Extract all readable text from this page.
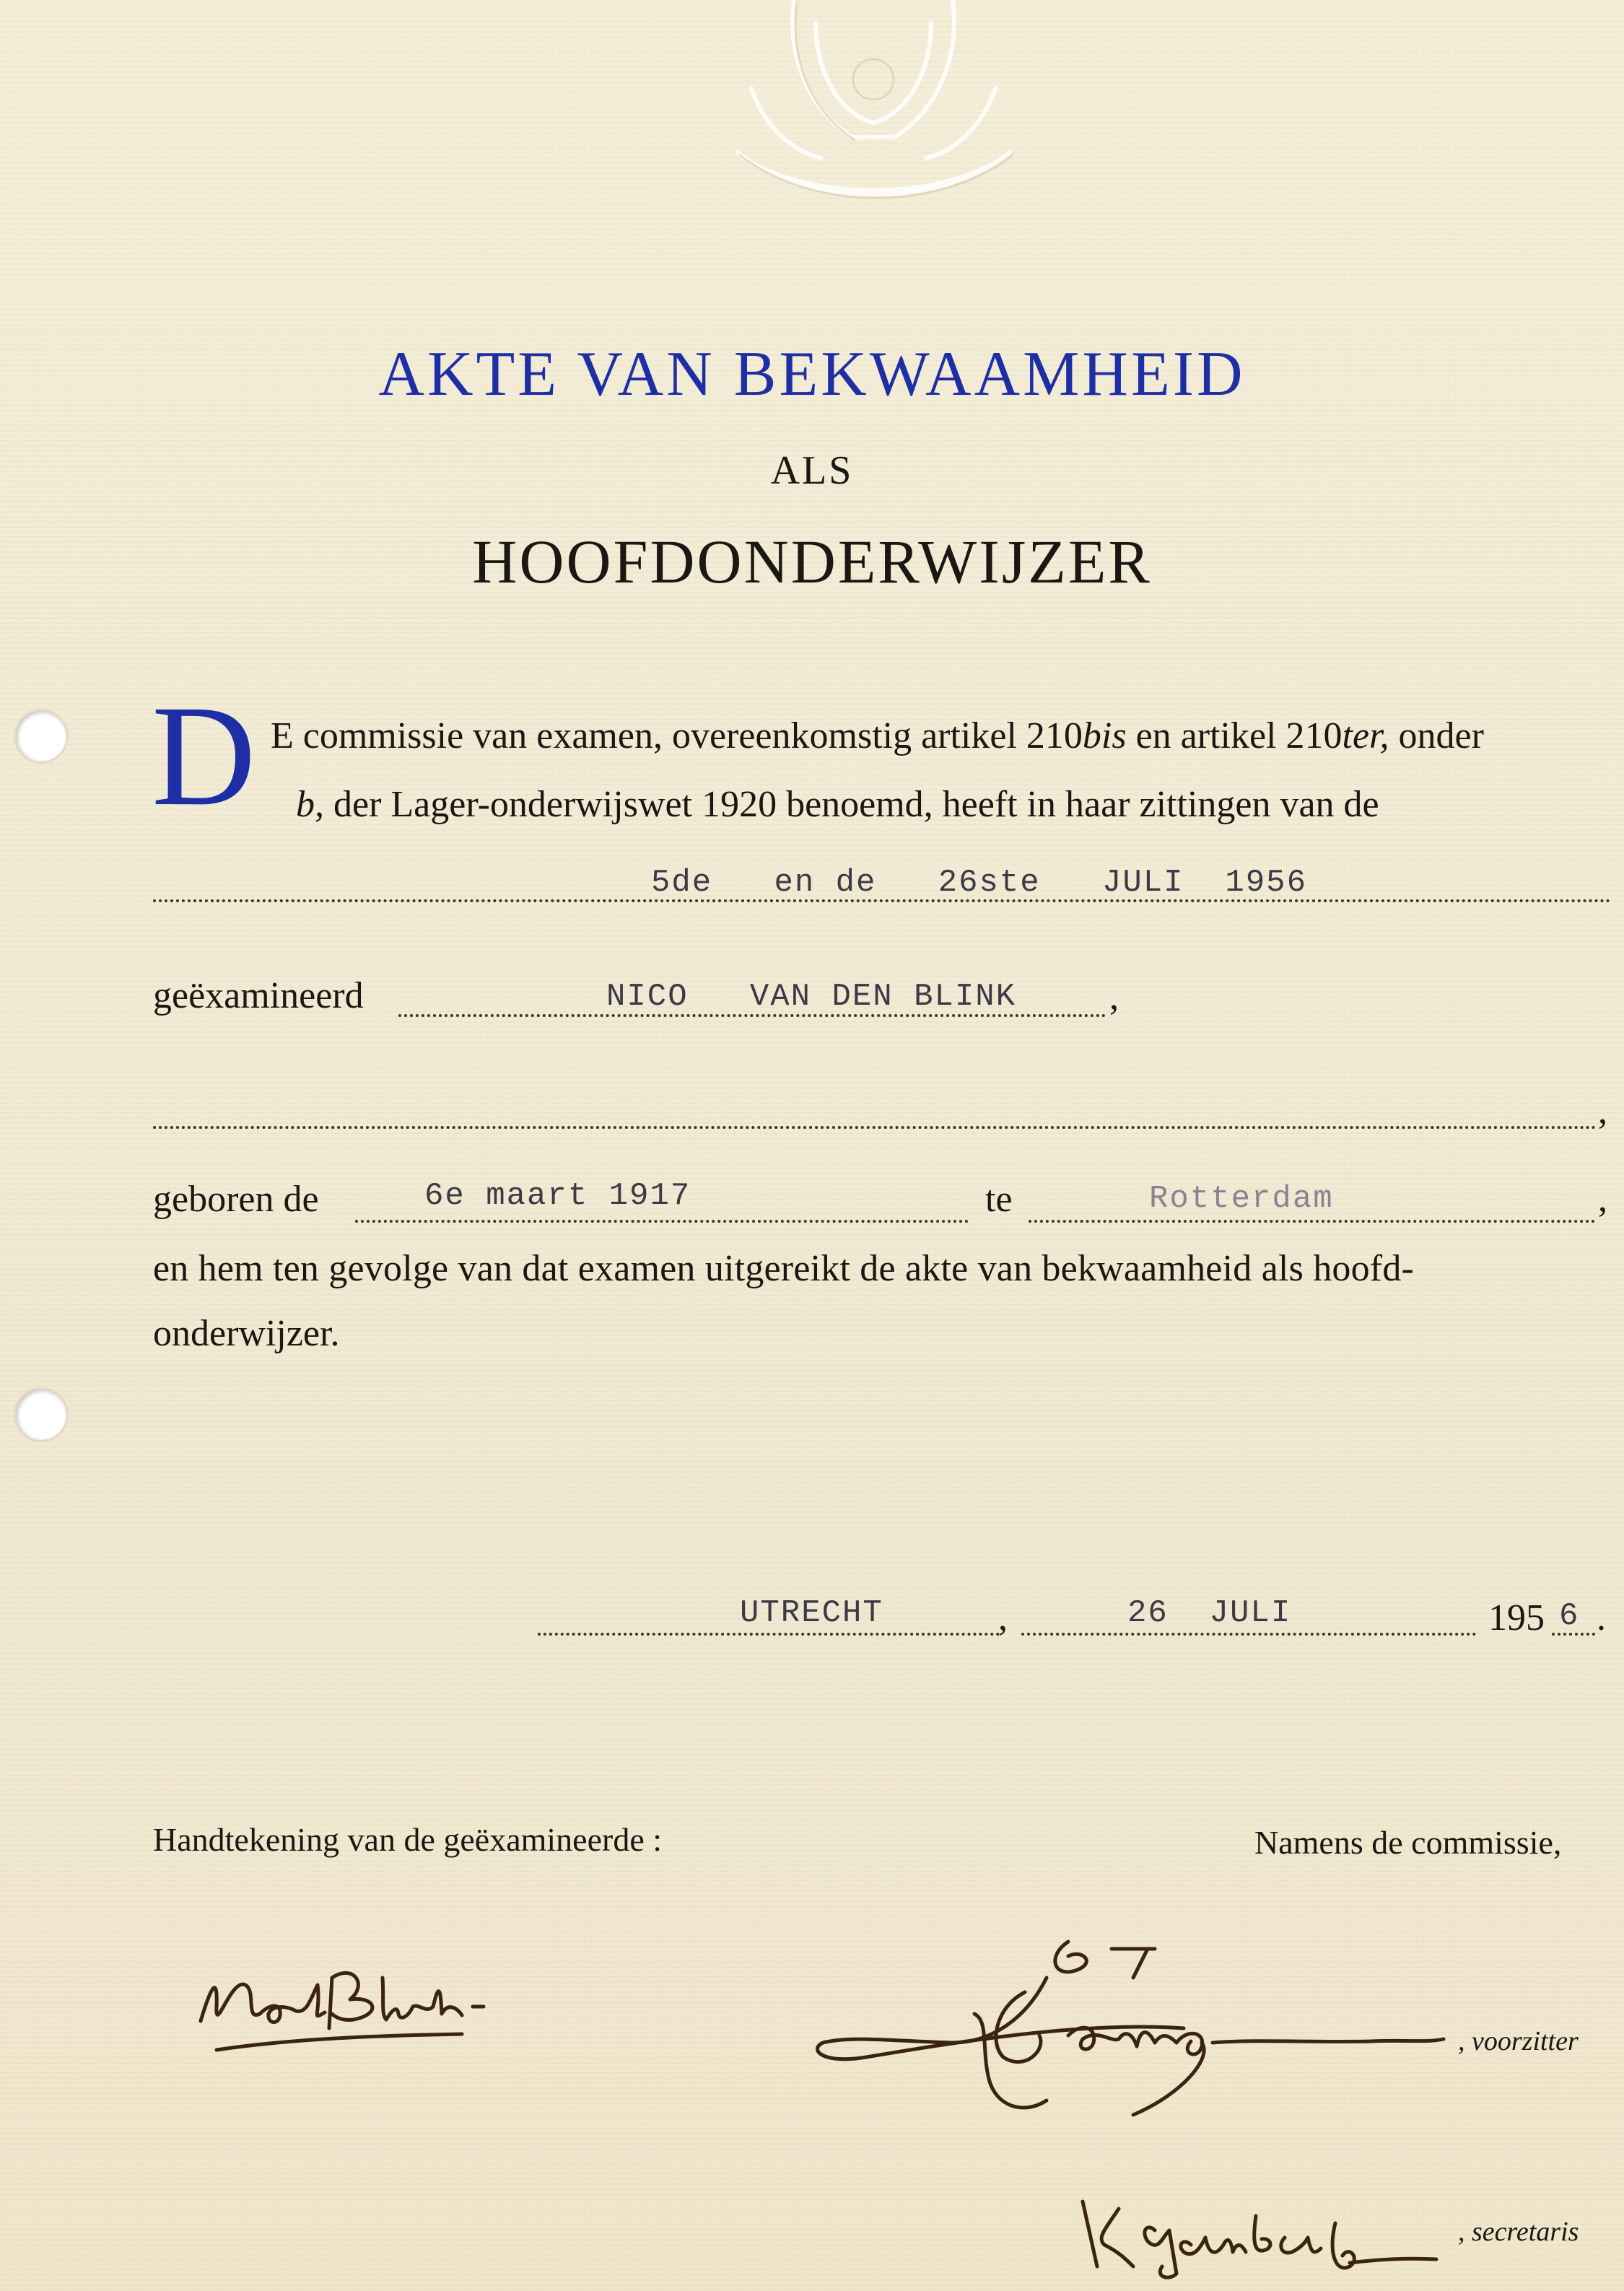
AKTE VAN BEKWAAMHEID
ALS
HOOFDONDERWIJZER
D E commissie van examen, overeenkomstig artikel 210bis en artikel 210ter, onder
b, der Lager-onderwijswet 1920 benoemd, heeft in haar zittingen van de
5de en de 26ste JULI  1956
geëxamineerd	NICO   VAN DEN BLINK ,
,
geboren de	6e maart 1917	te	Rotterdam	,
en hem ten gevolge van dat examen uitgereikt de akte van bekwaamheid als hoofd-
onderwijzer.
UTRECHT	,	26  JULI	195 6 .
Handtekening van de geëxamineerde :	Namens de commissie,
, voorzitter
, secretaris
